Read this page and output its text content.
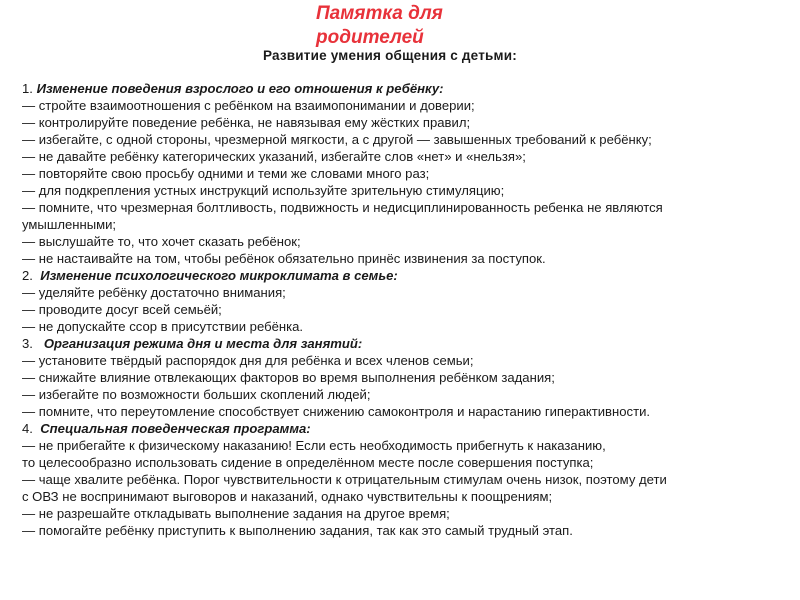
Памятка для родителей
Развитие умения общения с детьми:
1. Изменение поведения взрослого и его отношения к ребёнку:
— стройте взаимоотношения с ребёнком на взаимопонимании и доверии;
— контролируйте поведение ребёнка, не навязывая ему жёстких правил;
— избегайте, с одной стороны, чрезмерной мягкости, а с другой — завышенных требований к ребёнку;
— не давайте ребёнку категорических указаний, избегайте слов «нет» и «нельзя»;
— повторяйте свою просьбу одними и теми же словами много раз;
— для подкрепления устных инструкций используйте зрительную стимуляцию;
— помните, что чрезмерная болтливость, подвижность и недисциплинированность ребенка не являются
умышленными;
— выслушайте то, что хочет сказать ребёнок;
— не настаивайте на том, чтобы ребёнок обязательно принёс извинения за поступок.
2.  Изменение психологического микроклимата в семье:
— уделяйте ребёнку достаточно внимания;
— проводите досуг всей семьёй;
— не допускайте ссор в присутствии ребёнка.
3.   Организация режима дня и места для занятий:
— установите твёрдый распорядок дня для ребёнка и всех членов семьи;
— снижайте влияние отвлекающих факторов во время выполнения ребёнком задания;
— избегайте по возможности больших скоплений людей;
— помните, что переутомление способствует снижению самоконтроля и нарастанию гиперактивности.
4.  Специальная поведенческая программа:
— не прибегайте к физическому наказанию! Если есть необходимость прибегнуть к наказанию,
то целесообразно использовать сидение в определённом месте после совершения поступка;
— чаще хвалите ребёнка. Порог чувствительности к отрицательным стимулам очень низок, поэтому дети
с ОВЗ не воспринимают выговоров и наказаний, однако чувствительны к поощрениям;
— не разрешайте откладывать выполнение задания на другое время;
— помогайте ребёнку приступить к выполнению задания, так как это самый трудный этап.
